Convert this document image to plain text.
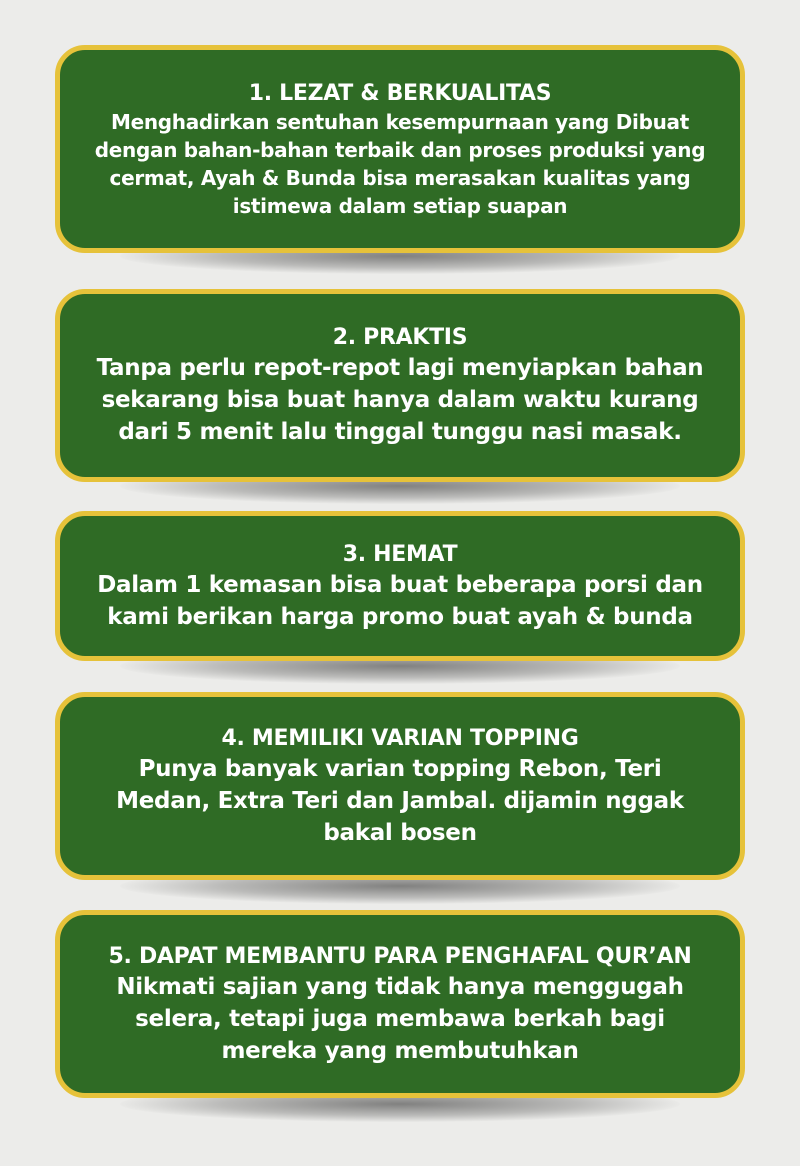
1. LEZAT & BERKUALITAS
Menghadirkan sentuhan kesempurnaan yang Dibuat
dengan bahan-bahan terbaik dan proses produksi yang
cermat, Ayah & Bunda bisa merasakan kualitas yang
istimewa dalam setiap suapan
2. PRAKTIS
Tanpa perlu repot-repot lagi menyiapkan bahan
sekarang bisa buat hanya dalam waktu kurang
dari 5 menit lalu tinggal tunggu nasi masak.
3. HEMAT
Dalam 1 kemasan bisa buat beberapa porsi dan
kami berikan harga promo buat ayah & bunda
4. MEMILIKI VARIAN TOPPING
Punya banyak varian topping Rebon, Teri
Medan, Extra Teri dan Jambal. dijamin nggak
bakal bosen
5. DAPAT MEMBANTU PARA PENGHAFAL QUR’AN
Nikmati sajian yang tidak hanya menggugah
selera, tetapi juga membawa berkah bagi
mereka yang membutuhkan
